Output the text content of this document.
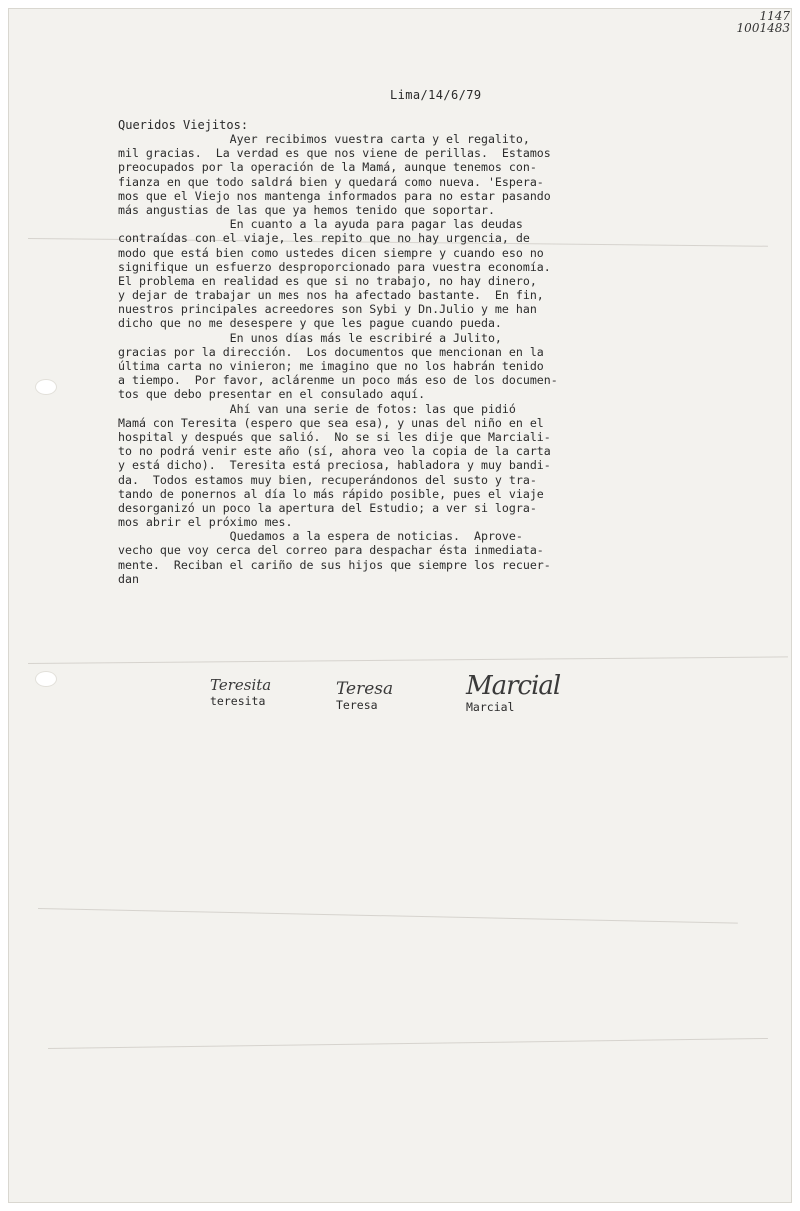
1147
1001483
Lima/14/6/79
Queridos Viejitos:
Ayer recibimos vuestra carta y el regalito,
mil gracias.  La verdad es que nos viene de perillas.  Estamos
preocupados por la operación de la Mamá, aunque tenemos con-
fianza en que todo saldrá bien y quedará como nueva. 'Espera-
mos que el Viejo nos mantenga informados para no estar pasando
más angustias de las que ya hemos tenido que soportar.
En cuanto a la ayuda para pagar las deudas
contraídas con el viaje, les repito que no hay urgencia, de
modo que está bien como ustedes dicen siempre y cuando eso no
signifique un esfuerzo desproporcionado para vuestra economía.
El problema en realidad es que si no trabajo, no hay dinero,
y dejar de trabajar un mes nos ha afectado bastante.  En fin,
nuestros principales acreedores son Sybi y Dn.Julio y me han
dicho que no me desespere y que les pague cuando pueda.
En unos días más le escribiré a Julito,
gracias por la dirección.  Los documentos que mencionan en la
última carta no vinieron; me imagino que no los habrán tenido
a tiempo.  Por favor, aclárenme un poco más eso de los documen-
tos que debo presentar en el consulado aquí.
Ahí van una serie de fotos: las que pidió
Mamá con Teresita (espero que sea esa), y unas del niño en el
hospital y después que salió.  No se si les dije que Marciali-
to no podrá venir este año (sí, ahora veo la copia de la carta
y está dicho).  Teresita está preciosa, habladora y muy bandi-
da.  Todos estamos muy bien, recuperándonos del susto y tra-
tando de ponernos al día lo más rápido posible, pues el viaje
desorganizó un poco la apertura del Estudio; a ver si logra-
mos abrir el próximo mes.
Quedamos a la espera de noticias.  Aprove-
vecho que voy cerca del correo para despachar ésta inmediata-
mente.  Reciban el cariño de sus hijos que siempre los recuer-
dan
Teresita
teresita
Teresa
Teresa
Marcial
Marcial
